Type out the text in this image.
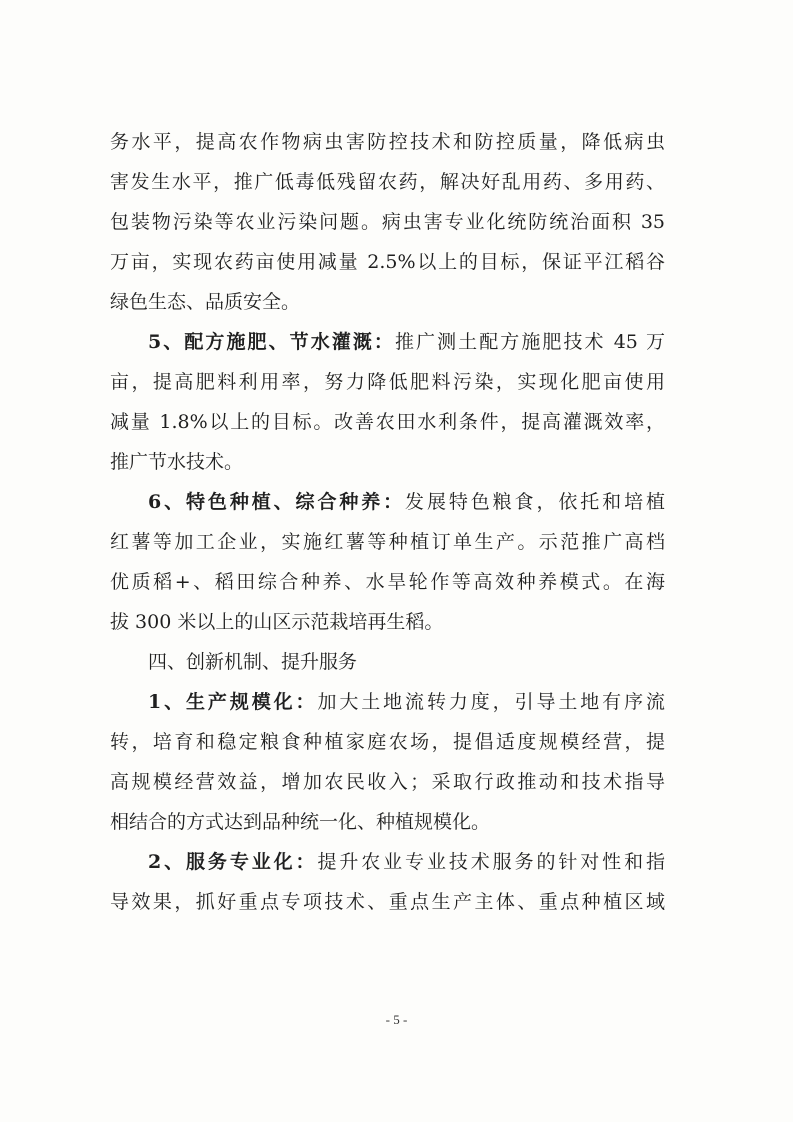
务水平，提高农作物病虫害防控技术和防控质量，降低病虫
害发生水平，推广低毒低残留农药，解决好乱用药、多用药、
包装物污染等农业污染问题。病虫害专业化统防统治面积 35
万亩，实现农药亩使用减量 2.5%以上的目标，保证平江稻谷
绿色生态、品质安全。
5、配方施肥、节水灌溉：推广测土配方施肥技术 45 万
亩，提高肥料利用率，努力降低肥料污染，实现化肥亩使用
减量 1.8%以上的目标。改善农田水利条件，提高灌溉效率，
推广节水技术。
6、特色种植、综合种养：发展特色粮食，依托和培植
红薯等加工企业，实施红薯等种植订单生产。示范推广高档
优质稻+、稻田综合种养、水旱轮作等高效种养模式。在海
拔 300 米以上的山区示范栽培再生稻。
四、创新机制、提升服务
1、生产规模化：加大土地流转力度，引导土地有序流
转，培育和稳定粮食种植家庭农场，提倡适度规模经营，提
高规模经营效益，增加农民收入；采取行政推动和技术指导
相结合的方式达到品种统一化、种植规模化。
2、服务专业化：提升农业专业技术服务的针对性和指
导效果，抓好重点专项技术、重点生产主体、重点种植区域
- 5 -
